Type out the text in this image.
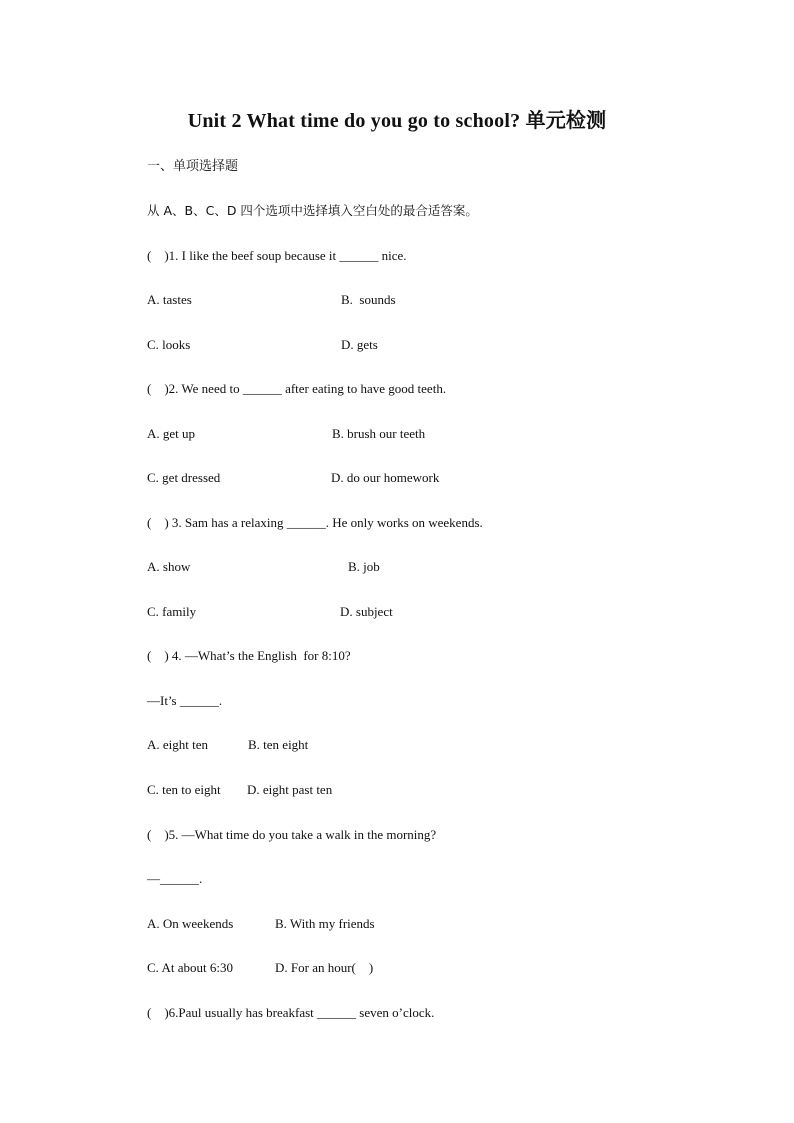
Unit 2 What time do you go to school? 单元检测
一、单项选择题
从 A、B、C、D 四个选项中选择填入空白处的最合适答案。
(    )1. I like the beef soup because it ______ nice.
A. tastes	B.  sounds
C. looks	D. gets
(    )2. We need to ______ after eating to have good teeth.
A. get up	B. brush our teeth
C. get dressed	D. do our homework
(    ) 3. Sam has a relaxing ______. He only works on weekends.
A. show	B. job
C. family	D. subject
(    ) 4. —What’s the English  for 8:10?
—It’s ______.
A. eight ten	B. ten eight
C. ten to eight D. eight past ten
(    )5. —What time do you take a walk in the morning?
—______.
A. On weekends	B. With my friends
C. At about 6:30	D. For an hour(    )
(    )6.Paul usually has breakfast ______ seven o’clock.
